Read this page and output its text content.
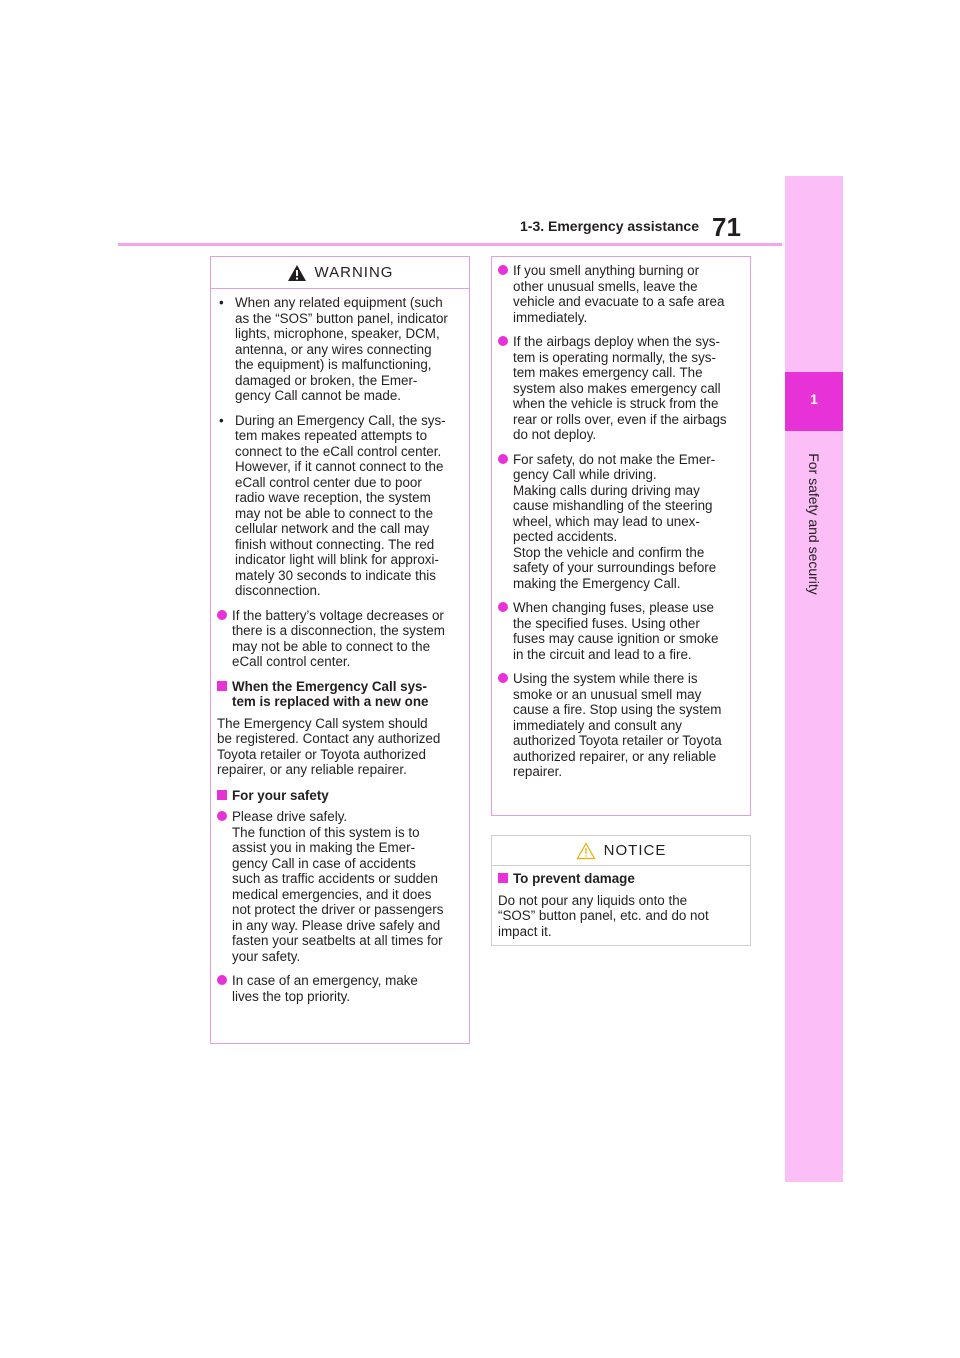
1-3. Emergency assistance 71
1
For safety and security
WARNING
• When any related equipment (such
as the “SOS” button panel, indicator
lights, microphone, speaker, DCM,
antenna, or any wires connecting
the equipment) is malfunctioning,
damaged or broken, the Emer-
gency Call cannot be made.
• During an Emergency Call, the sys-
tem makes repeated attempts to
connect to the eCall control center.
However, if it cannot connect to the
eCall control center due to poor
radio wave reception, the system
may not be able to connect to the
cellular network and the call may
finish without connecting. The red
indicator light will blink for approxi-
mately 30 seconds to indicate this
disconnection.
If the battery’s voltage decreases or
there is a disconnection, the system
may not be able to connect to the
eCall control center.
When the Emergency Call sys-
tem is replaced with a new one
The Emergency Call system should
be registered. Contact any authorized
Toyota retailer or Toyota authorized
repairer, or any reliable repairer.
For your safety
Please drive safely.
The function of this system is to
assist you in making the Emer-
gency Call in case of accidents
such as traffic accidents or sudden
medical emergencies, and it does
not protect the driver or passengers
in any way. Please drive safely and
fasten your seatbelts at all times for
your safety.
In case of an emergency, make
lives the top priority.
If you smell anything burning or
other unusual smells, leave the
vehicle and evacuate to a safe area
immediately.
If the airbags deploy when the sys-
tem is operating normally, the sys-
tem makes emergency call. The
system also makes emergency call
when the vehicle is struck from the
rear or rolls over, even if the airbags
do not deploy.
For safety, do not make the Emer-
gency Call while driving.
Making calls during driving may
cause mishandling of the steering
wheel, which may lead to unex-
pected accidents.
Stop the vehicle and confirm the
safety of your surroundings before
making the Emergency Call.
When changing fuses, please use
the specified fuses. Using other
fuses may cause ignition or smoke
in the circuit and lead to a fire.
Using the system while there is
smoke or an unusual smell may
cause a fire. Stop using the system
immediately and consult any
authorized Toyota retailer or Toyota
authorized repairer, or any reliable
repairer.
NOTICE
To prevent damage
Do not pour any liquids onto the
“SOS” button panel, etc. and do not
impact it.
